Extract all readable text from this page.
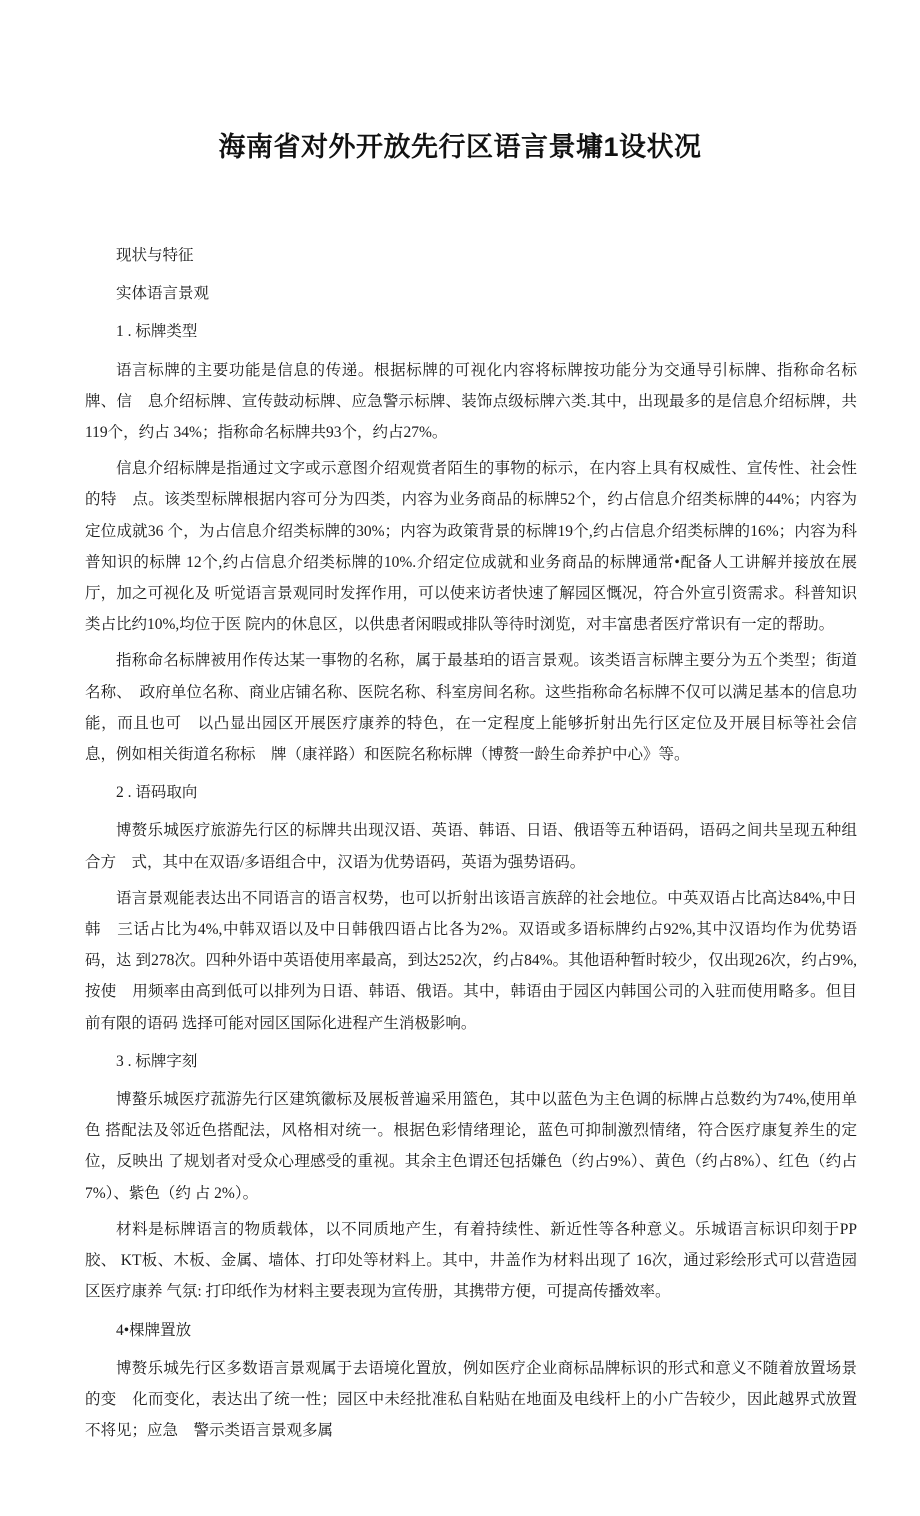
海南省对外开放先行区语言景墉1设状况

现状与特征

实体语言景观

1 . 标牌类型

语言标牌的主要功能是信息的传递。根据标牌的可视化内容将标牌按功能分为交通导引标牌、指称命名标牌、信　息介绍标牌、宣传鼓动标牌、应急警示标牌、装饰点级标牌六类.其中，出现最多的是信息介绍标牌，共119个，约占 34%；指称命名标牌共93个，约占27%。

信息介绍标牌是指通过文字或示意图介绍观赏者陌生的事物的标示，在内容上具有权威性、宣传性、社会性的特　点。该类型标牌根据内容可分为四类，内容为业务商品的标牌52个，约占信息介绍类标牌的44%；内容为定位成就36 个，为占信息介绍类标牌的30%；内容为政策背景的标牌19个,约占信息介绍类标牌的16%；内容为科普知识的标牌 12个,约占信息介绍类标牌的10%.介绍定位成就和业务商品的标牌通常•配备人工讲解并接放在展厅，加之可视化及 听觉语言景观同时发挥作用，可以使来访者快速了解园区慨况，符合外宣引资需求。科普知识类占比约10%,均位于医 院内的休息区，以供患者闲暇或排队等待时浏览，对丰富患者医疗常识有一定的帮助。

指称命名标牌被用作传达某一事物的名称，属于最基珀的语言景观。该类语言标牌主要分为五个类型；街道名称、　政府单位名称、商业店铺名称、医院名称、科室房间名称。这些指称命名标牌不仅可以满足基本的信息功能，而且也可　以凸显出园区开展医疗康养的特色，在一定程度上能够折射出先行区定位及开展目标等社会信息，例如相关街道名称标　牌（康祥路）和医院名称标牌（博赘一龄生命养护中心》等。

2 . 语码取向

博赘乐城医疗旅游先行区的标牌共出现汉语、英语、韩语、日语、俄语等五种语码，语码之间共呈现五种组合方　式，其中在双语/多语组合中，汉语为优势语码，英语为强势语码。

语言景观能表达出不同语言的语言权势，也可以折射出该语言族辞的社会地位。中英双语占比高达84%,中日韩　三话占比为4%,中韩双语以及中日韩俄四语占比各为2%。双语或多语标牌约占92%,其中汉语均作为优势语码，迏 到278次。四种外语中英语使用率最高，到达252次，约占84%。其他语种暂时较少，仅出现26次，约占9%,按使　用频率由高到低可以排列为日语、韩语、俄语。其中，韩语由于园区内韩国公司的入驻而使用略多。但目前有限的语码 选择可能对园区国际化进程产生消极影响。

3 . 标牌字刻

博螯乐城医疗菰游先行区建筑徽标及展板普遍采用篮色，其中以蓝色为主色调的标牌占总数约为74%,使用单色 搭配法及邻近色搭配法，风格相对统一。根据色彩情绪理论，蓝色可抑制激烈情绪，符合医疗康复养生的定位，反映出 了规划者对受众心理感受的重视。其余主色谓还包括嫌色（约占9%）、黄色（约占8%）、红色（约占7%）、紫色（约 占 2%）。

材料是标牌语言的物质载体，以不同质地产生，有着持续性、新近性等各种意义。乐城语言标识印刻于PP胶、 KT板、木板、金属、墙体、打印处等材料上。其中，井盖作为材料出现了 16次，通过彩绘形式可以营造园区医疗康养 气氛: 打印纸作为材料主要表现为宣传册，其携带方便，可提高传播效率。

4•棵牌置放

博赘乐城先行区多数语言景观属于去语境化置放，例如医疗企业商标品牌标识的形式和意义不随着放置场景的变　化而变化，表达出了统一性；园区中未经批准私自粘贴在地面及电线杆上的小广告较少，因此越界式放置不将见；应急　警示类语言景观多属
